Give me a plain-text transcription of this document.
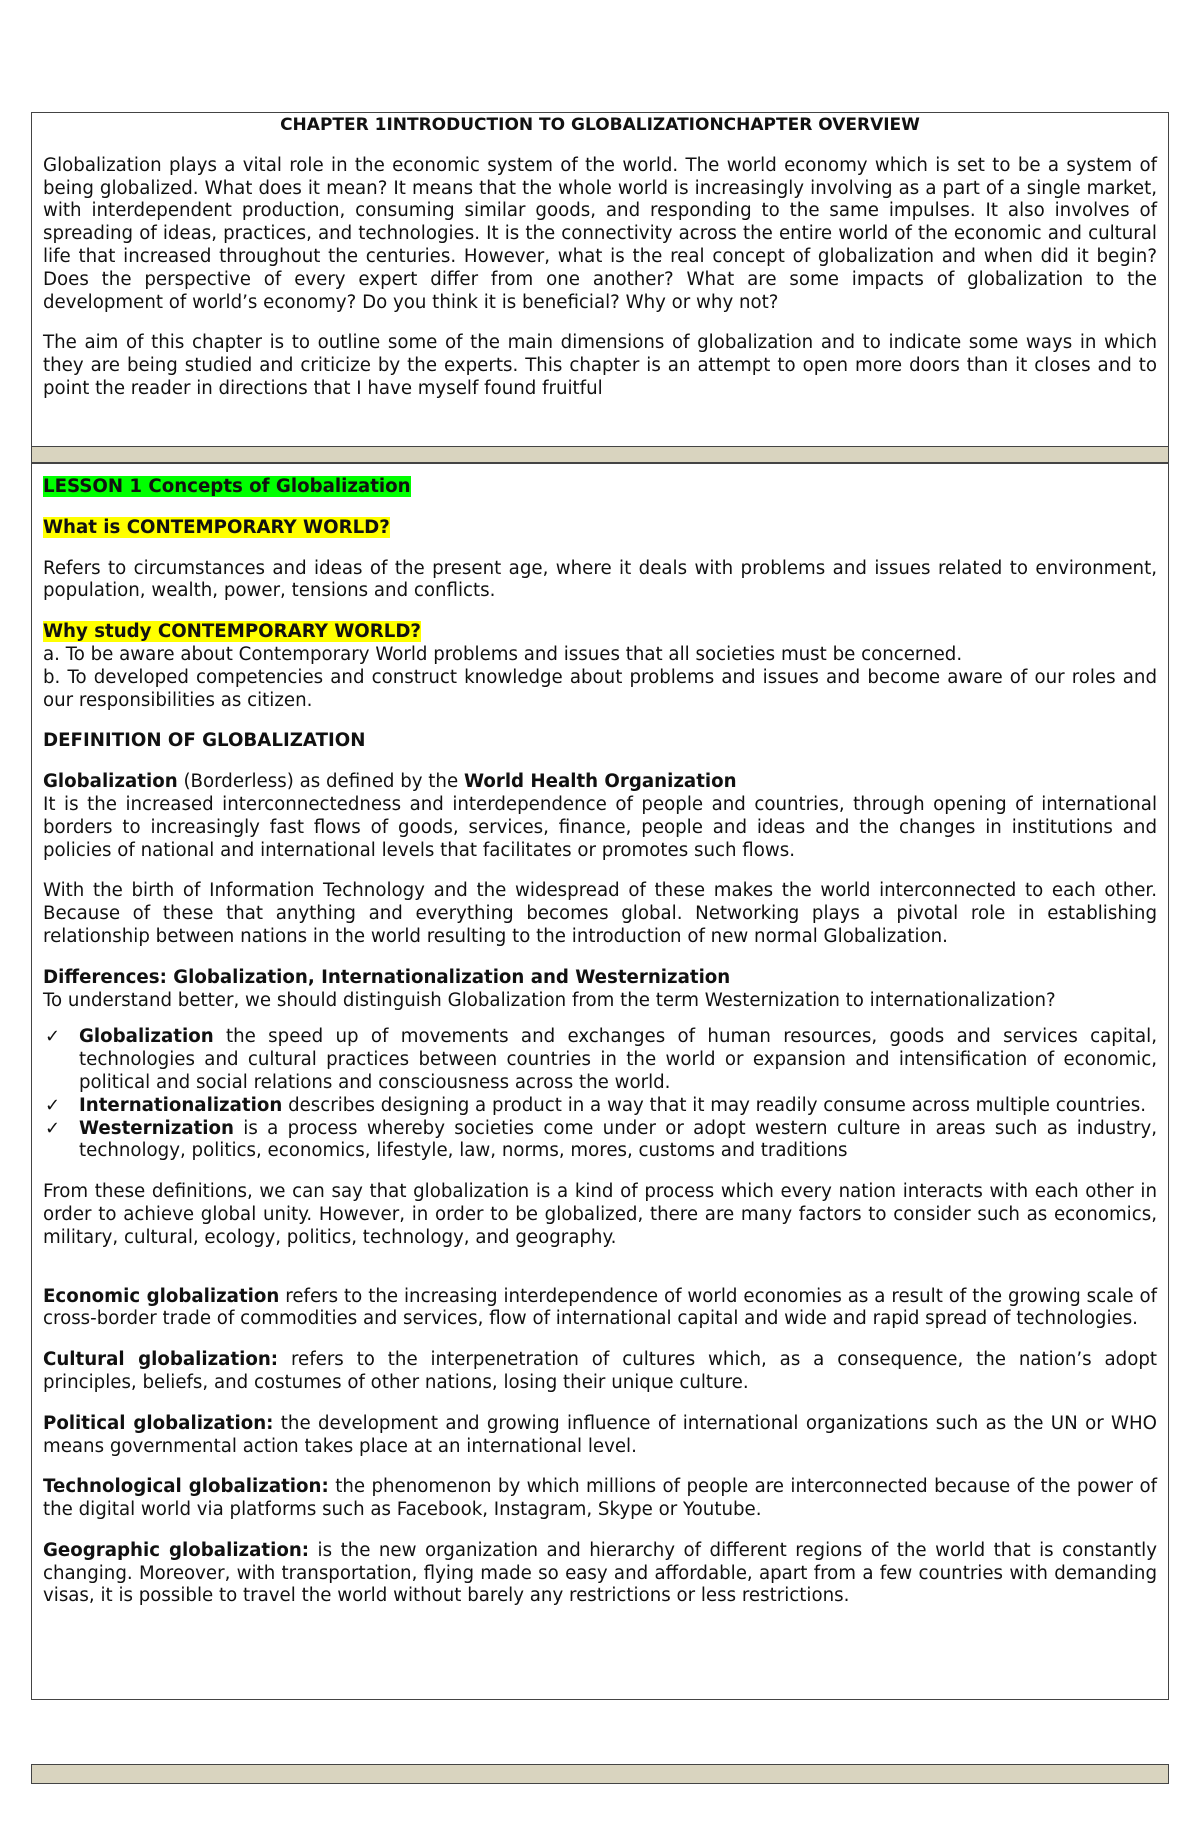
CHAPTER 1INTRODUCTION TO GLOBALIZATIONCHAPTER OVERVIEW

Globalization plays a vital role in the economic system of the world. The world economy which is set to be a system of being globalized. What does it mean? It means that the whole world is increasingly involving as a part of a single market, with interdependent production, consuming similar goods, and responding to the same impulses. It also involves of spreading of ideas, practices, and technologies. It is the connectivity across the entire world of the economic and cultural life that increased throughout the centuries. However, what is the real concept of globalization and when did it begin? Does the perspective of every expert differ from one another? What are some impacts of globalization to the development of world’s economy? Do you think it is beneficial? Why or why not?

The aim of this chapter is to outline some of the main dimensions of globalization and to indicate some ways in which they are being studied and criticize by the experts. This chapter is an attempt to open more doors than it closes and to point the reader in directions that I have myself found fruitful

LESSON 1 Concepts of Globalization

What is CONTEMPORARY WORLD?

Refers to circumstances and ideas of the present age, where it deals with problems and issues related to environment, population, wealth, power, tensions and conflicts.

Why study CONTEMPORARY WORLD?

a. To be aware about Contemporary World problems and issues that all societies must be concerned.

b. To developed competencies and construct knowledge about problems and issues and become aware of our roles and our responsibilities as citizen.

DEFINITION OF GLOBALIZATION

Globalization (Borderless) as defined by the World Health Organization

It is the increased interconnectedness and interdependence of people and countries, through opening of international borders to increasingly fast flows of goods, services, finance, people and ideas and the changes in institutions and policies of national and international levels that facilitates or promotes such flows.

With the birth of Information Technology and the widespread of these makes the world interconnected to each other. Because of these that anything and everything becomes global. Networking plays a pivotal role in establishing relationship between nations in the world resulting to the introduction of new normal Globalization.

Differences: Globalization, Internationalization and Westernization

To understand better, we should distinguish Globalization from the term Westernization to internationalization?

✓ Globalization the speed up of movements and exchanges of human resources, goods and services capital, technologies and cultural practices between countries in the world or expansion and intensification of economic, political and social relations and consciousness across the world.
✓ Internationalization describes designing a product in a way that it may readily consume across multiple countries.
✓ Westernization is a process whereby societies come under or adopt western culture in areas such as industry, technology, politics, economics, lifestyle, law, norms, mores, customs and traditions

From these definitions, we can say that globalization is a kind of process which every nation interacts with each other in order to achieve global unity. However, in order to be globalized, there are many factors to consider such as economics, military, cultural, ecology, politics, technology, and geography.

Economic globalization refers to the increasing interdependence of world economies as a result of the growing scale of cross-border trade of commodities and services, flow of international capital and wide and rapid spread of technologies.

Cultural globalization: refers to the interpenetration of cultures which, as a consequence, the nation’s adopt principles, beliefs, and costumes of other nations, losing their unique culture.

Political globalization: the development and growing influence of international organizations such as the UN or WHO means governmental action takes place at an international level.

Technological globalization: the phenomenon by which millions of people are interconnected because of the power of the digital world via platforms such as Facebook, Instagram, Skype or Youtube.

Geographic globalization: is the new organization and hierarchy of different regions of the world that is constantly changing. Moreover, with transportation, flying made so easy and affordable, apart from a few countries with demanding visas, it is possible to travel the world without barely any restrictions or less restrictions.
